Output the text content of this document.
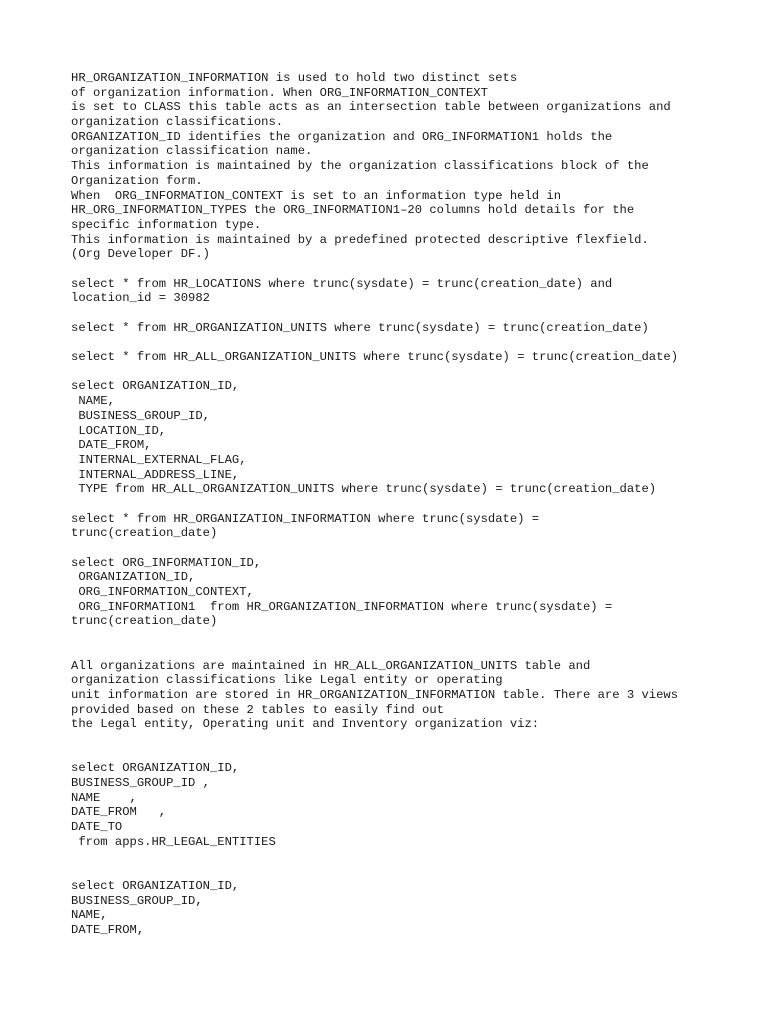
HR_ORGANIZATION_INFORMATION is used to hold two distinct sets
of organization information. When ORG_INFORMATION_CONTEXT
is set to CLASS this table acts as an intersection table between organizations and
organization classifications.
ORGANIZATION_ID identifies the organization and ORG_INFORMATION1 holds the
organization classification name.
This information is maintained by the organization classifications block of the
Organization form.
When  ORG_INFORMATION_CONTEXT is set to an information type held in
HR_ORG_INFORMATION_TYPES the ORG_INFORMATION1–20 columns hold details for the
specific information type.
This information is maintained by a predefined protected descriptive flexfield.
(Org Developer DF.)
select * from HR_LOCATIONS where trunc(sysdate) = trunc(creation_date) and
location_id = 30982
select * from HR_ORGANIZATION_UNITS where trunc(sysdate) = trunc(creation_date)
select * from HR_ALL_ORGANIZATION_UNITS where trunc(sysdate) = trunc(creation_date)
select ORGANIZATION_ID,
NAME,
BUSINESS_GROUP_ID,
LOCATION_ID,
DATE_FROM,
INTERNAL_EXTERNAL_FLAG,
INTERNAL_ADDRESS_LINE,
TYPE from HR_ALL_ORGANIZATION_UNITS where trunc(sysdate) = trunc(creation_date)
select * from HR_ORGANIZATION_INFORMATION where trunc(sysdate) =
trunc(creation_date)
select ORG_INFORMATION_ID,
ORGANIZATION_ID,
ORG_INFORMATION_CONTEXT,
ORG_INFORMATION1  from HR_ORGANIZATION_INFORMATION where trunc(sysdate) =
trunc(creation_date)
All organizations are maintained in HR_ALL_ORGANIZATION_UNITS table and
organization classifications like Legal entity or operating
unit information are stored in HR_ORGANIZATION_INFORMATION table. There are 3 views
provided based on these 2 tables to easily find out
the Legal entity, Operating unit and Inventory organization viz:
select ORGANIZATION_ID,
BUSINESS_GROUP_ID ,
NAME    ,
DATE_FROM   ,
DATE_TO
from apps.HR_LEGAL_ENTITIES
select ORGANIZATION_ID,
BUSINESS_GROUP_ID,
NAME,
DATE_FROM,
